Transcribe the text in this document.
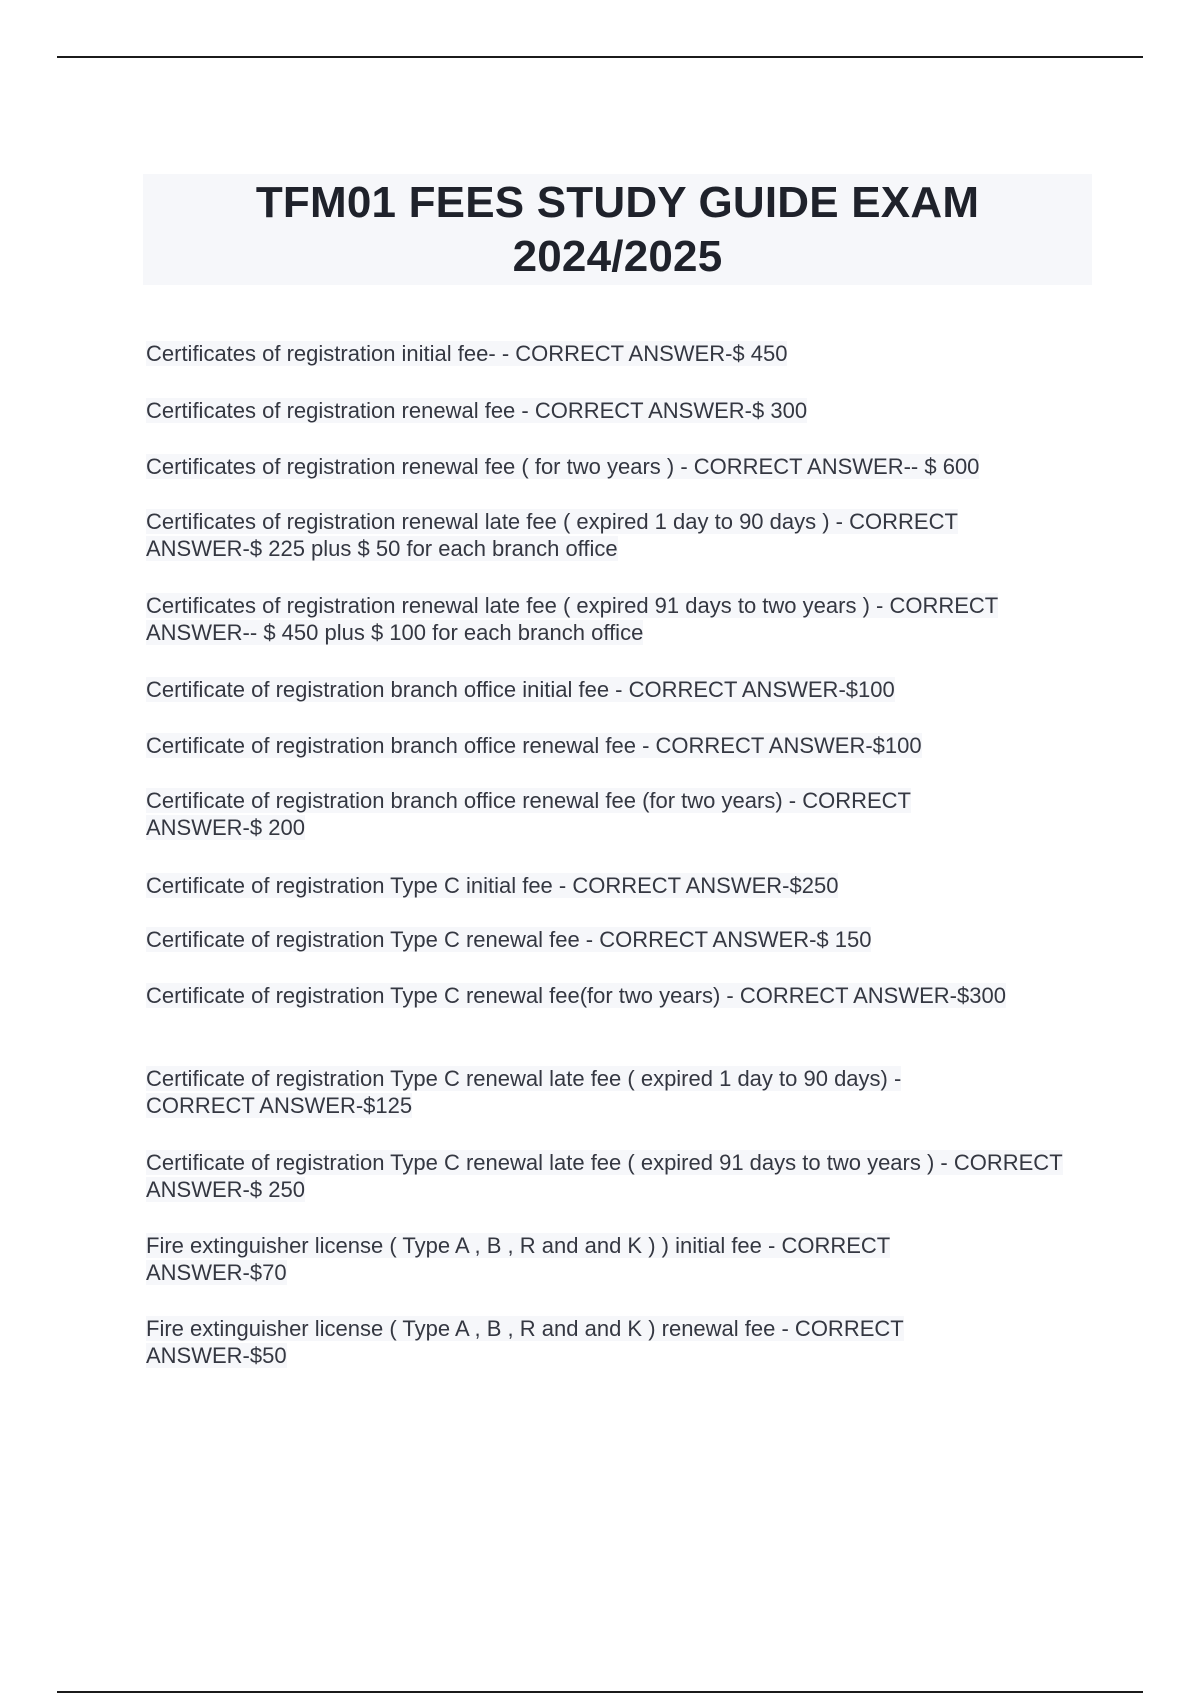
TFM01 FEES STUDY GUIDE EXAM
2024/2025
Certificates of registration initial fee- - CORRECT ANSWER-$ 450
Certificates of registration renewal fee - CORRECT ANSWER-$ 300
Certificates of registration renewal fee ( for two years ) - CORRECT ANSWER-- $ 600
Certificates of registration renewal late fee ( expired 1 day to 90 days ) - CORRECT ANSWER-$ 225 plus $ 50 for each branch office
Certificates of registration renewal late fee ( expired 91 days to two years ) - CORRECT ANSWER-- $ 450 plus $ 100 for each branch office
Certificate of registration branch office initial fee - CORRECT ANSWER-$100
Certificate of registration branch office renewal fee - CORRECT ANSWER-$100
Certificate of registration branch office renewal fee (for two years) - CORRECT ANSWER-$ 200
Certificate of registration Type C initial fee - CORRECT ANSWER-$250
Certificate of registration Type C renewal fee - CORRECT ANSWER-$ 150
Certificate of registration Type C renewal fee(for two years) - CORRECT ANSWER-$300
Certificate of registration Type C renewal late fee ( expired 1 day to 90 days) - CORRECT ANSWER-$125
Certificate of registration Type C renewal late fee ( expired 91 days to two years ) - CORRECT ANSWER-$ 250
Fire extinguisher license ( Type A , B , R and and K ) ) initial fee - CORRECT ANSWER-$70
Fire extinguisher license ( Type A , B , R and and K ) renewal fee - CORRECT ANSWER-$50
